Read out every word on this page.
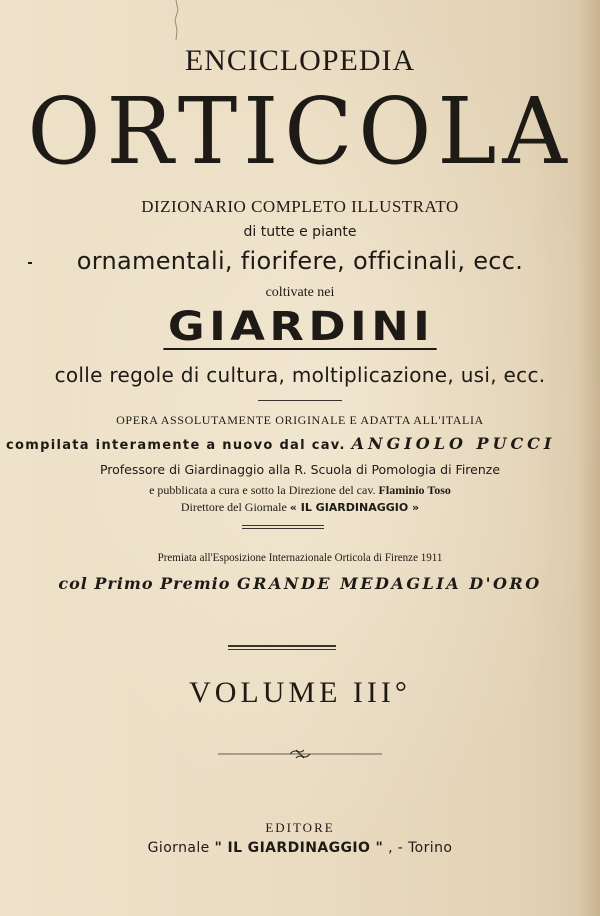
ENCICLOPEDIA
ORTICOLA
DIZIONARIO COMPLETO ILLUSTRATO
di tutte e piante
ornamentali, fiorifere, officinali, ecc.
coltivate nei
GIARDINI
colle regole di cultura, moltiplicazione, usi, ecc.
OPERA ASSOLUTAMENTE ORIGINALE E ADATTA ALL'ITALIA
compilata interamente a nuovo dal cav. ANGIOLO PUCCI
Professore di Giardinaggio alla R. Scuola di Pomologia di Firenze
e pubblicata a cura e sotto la Direzione del cav. Flaminio Toso
Direttore del Giornale « IL GIARDINAGGIO »
Premiata all'Esposizione Internazionale Orticola di Firenze 1911
col Primo Premio GRANDE MEDAGLIA D'ORO
VOLUME III°
EDITORE
Giornale " IL GIARDINAGGIO " , - Torino
